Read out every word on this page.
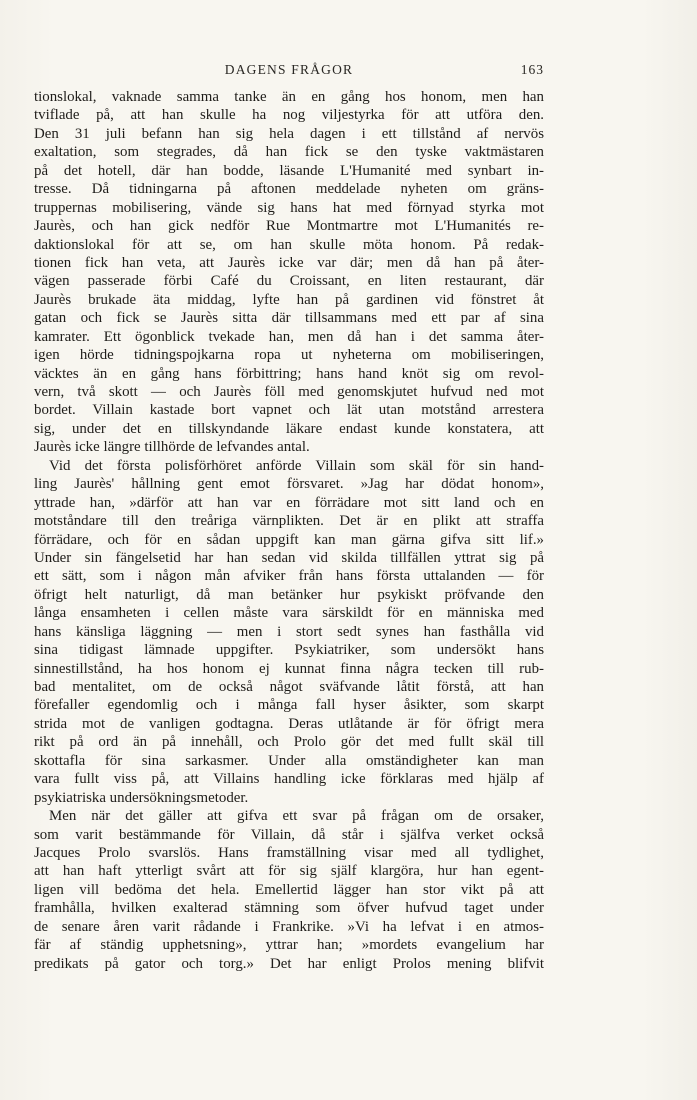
DAGENS FRÅGOR	163
tionslokal, vaknade samma tanke än en gång hos honom, men han
tviflade på, att han skulle ha nog viljestyrka för att utföra den.
Den 31 juli befann han sig hela dagen i ett tillstånd af nervös
exaltation, som stegrades, då han fick se den tyske vaktmästaren
på det hotell, där han bodde, läsande L'Humanité med synbart in-
tresse. Då tidningarna på aftonen meddelade nyheten om gräns-
truppernas mobilisering, vände sig hans hat med förnyad styrka mot
Jaurès, och han gick nedför Rue Montmartre mot L'Humanités re-
daktionslokal för att se, om han skulle möta honom. På redak-
tionen fick han veta, att Jaurès icke var där; men då han på åter-
vägen passerade förbi Café du Croissant, en liten restaurant, där
Jaurès brukade äta middag, lyfte han på gardinen vid fönstret åt
gatan och fick se Jaurès sitta där tillsammans med ett par af sina
kamrater. Ett ögonblick tvekade han, men då han i det samma åter-
igen hörde tidningspojkarna ropa ut nyheterna om mobiliseringen,
väcktes än en gång hans förbittring; hans hand knöt sig om revol-
vern, två skott — och Jaurès föll med genomskjutet hufvud ned mot
bordet. Villain kastade bort vapnet och lät utan motstånd arrestera
sig, under det en tillskyndande läkare endast kunde konstatera, att
Jaurès icke längre tillhörde de lefvandes antal.
Vid det första polisförhöret anförde Villain som skäl för sin hand-
ling Jaurès' hållning gent emot försvaret. »Jag har dödat honom»,
yttrade han, »därför att han var en förrädare mot sitt land och en
motståndare till den treåriga värnplikten. Det är en plikt att straffa
förrädare, och för en sådan uppgift kan man gärna gifva sitt lif.»
Under sin fängelsetid har han sedan vid skilda tillfällen yttrat sig på
ett sätt, som i någon mån afviker från hans första uttalanden — för
öfrigt helt naturligt, då man betänker hur psykiskt pröfvande den
långa ensamheten i cellen måste vara särskildt för en människa med
hans känsliga läggning — men i stort sedt synes han fasthålla vid
sina tidigast lämnade uppgifter. Psykiatriker, som undersökt hans
sinnestillstånd, ha hos honom ej kunnat finna några tecken till rub-
bad mentalitet, om de också något sväfvande låtit förstå, att han
förefaller egendomlig och i många fall hyser åsikter, som skarpt
strida mot de vanligen godtagna. Deras utlåtande är för öfrigt mera
rikt på ord än på innehåll, och Prolo gör det med fullt skäl till
skottafla för sina sarkasmer. Under alla omständigheter kan man
vara fullt viss på, att Villains handling icke förklaras med hjälp af
psykiatriska undersökningsmetoder.
Men när det gäller att gifva ett svar på frågan om de orsaker,
som varit bestämmande för Villain, då står i själfva verket också
Jacques Prolo svarslös. Hans framställning visar med all tydlighet,
att han haft ytterligt svårt att för sig själf klargöra, hur han egent-
ligen vill bedöma det hela. Emellertid lägger han stor vikt på att
framhålla, hvilken exalterad stämning som öfver hufvud taget under
de senare åren varit rådande i Frankrike. »Vi ha lefvat i en atmos-
fär af ständig upphetsning», yttrar han; »mordets evangelium har
predikats på gator och torg.» Det har enligt Prolos mening blifvit
